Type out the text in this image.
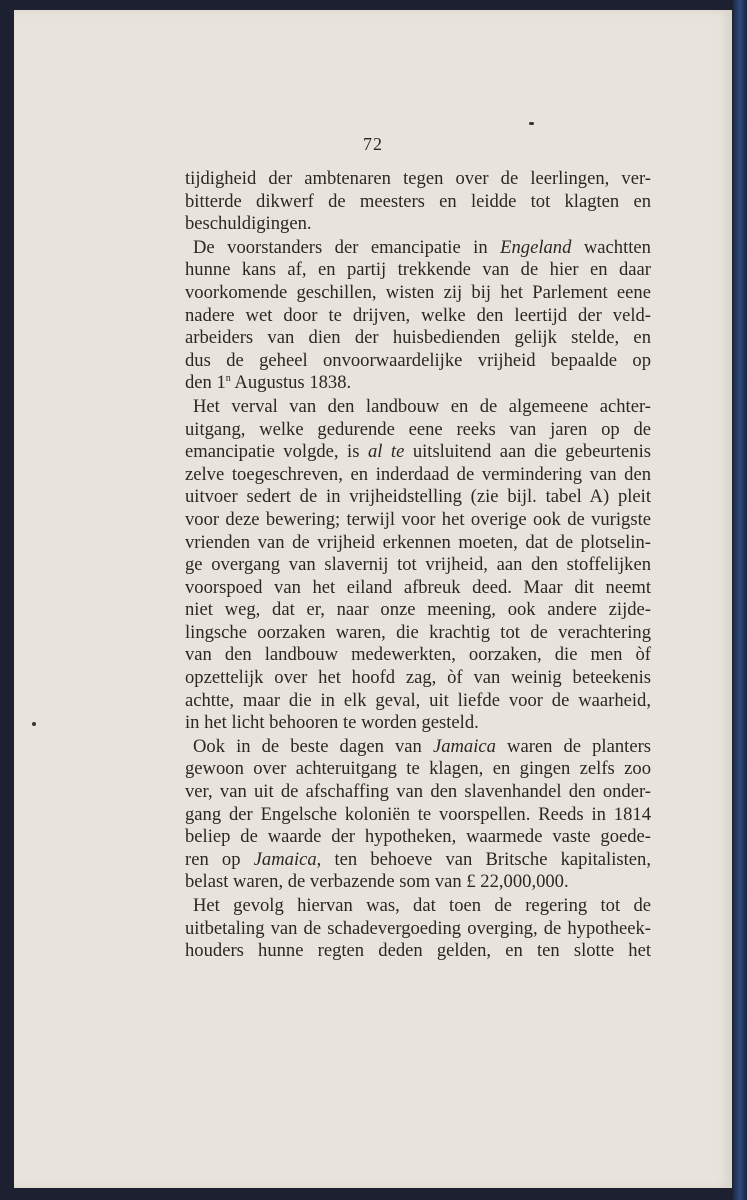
72
tijdigheid der ambtenaren tegen over de leerlingen, ver-
bitterde dikwerf de meesters en leidde tot klagten en
beschuldigingen.
De voorstanders der emancipatie in Engeland wachtten
hunne kans af, en partij trekkende van de hier en daar
voorkomende geschillen, wisten zij bij het Parlement eene
nadere wet door te drijven, welke den leertijd der veld-
arbeiders van dien der huisbedienden gelijk stelde, en
dus de geheel onvoorwaardelijke vrijheid bepaalde op
den 1$^n$ Augustus 1838.
Het verval van den landbouw en de algemeene achter-
uitgang, welke gedurende eene reeks van jaren op de
emancipatie volgde, is al te uitsluitend aan die gebeurtenis
zelve toegeschreven, en inderdaad de vermindering van den
uitvoer sedert de in vrijheidstelling (zie bijl. tabel A) pleit
voor deze bewering; terwijl voor het overige ook de vurigste
vrienden van de vrijheid erkennen moeten, dat de plotselin-
ge overgang van slavernij tot vrijheid, aan den stoffelijken
voorspoed van het eiland afbreuk deed. Maar dit neemt
niet weg, dat er, naar onze meening, ook andere zijde-
lingsche oorzaken waren, die krachtig tot de verachtering
van den landbouw medewerkten, oorzaken, die men òf
opzettelijk over het hoofd zag, òf van weinig beteekenis
achtte, maar die in elk geval, uit liefde voor de waarheid,
in het licht behooren te worden gesteld.
Ook in de beste dagen van Jamaica waren de planters
gewoon over achteruitgang te klagen, en gingen zelfs zoo
ver, van uit de afschaffing van den slavenhandel den onder-
gang der Engelsche koloniën te voorspellen. Reeds in 1814
beliep de waarde der hypotheken, waarmede vaste goede-
ren op Jamaica, ten behoeve van Britsche kapitalisten,
belast waren, de verbazende som van £ 22,000,000.
Het gevolg hiervan was, dat toen de regering tot de
uitbetaling van de schadevergoeding overging, de hypotheek-
houders hunne regten deden gelden, en ten slotte het
